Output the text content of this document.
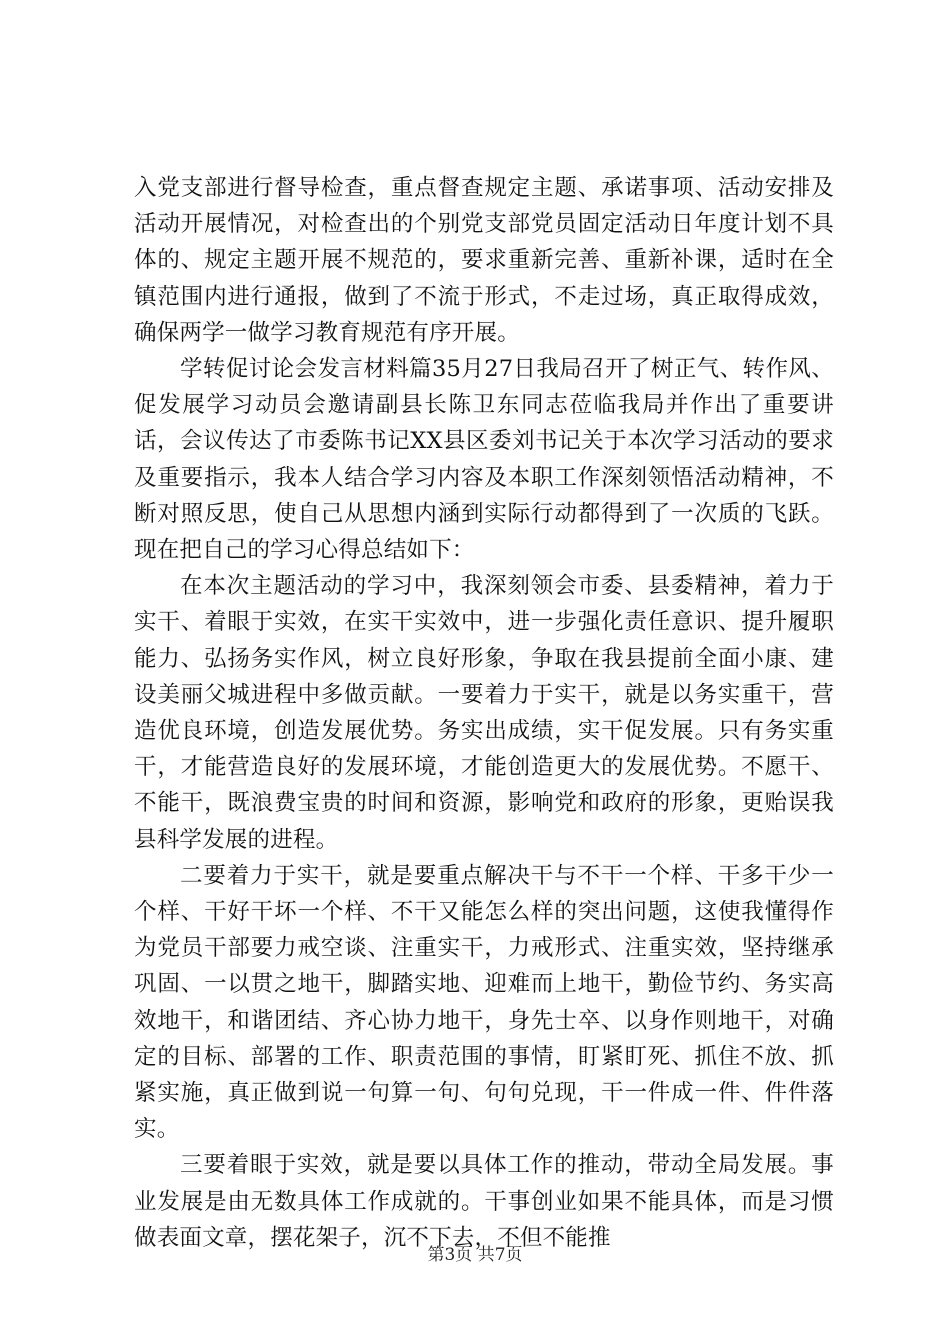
入党支部进行督导检查，重点督查规定主题、承诺事项、活动安排及活动开展情况，对检查出的个别党支部党员固定活动日年度计划不具体的、规定主题开展不规范的，要求重新完善、重新补课，适时在全镇范围内进行通报，做到了不流于形式，不走过场，真正取得成效，确保两学一做学习教育规范有序开展。

学转促讨论会发言材料篇35月27日我局召开了树正气、转作风、促发展学习动员会邀请副县长陈卫东同志莅临我局并作出了重要讲话，会议传达了市委陈书记XX县区委刘书记关于本次学习活动的要求及重要指示，我本人结合学习内容及本职工作深刻领悟活动精神，不断对照反思，使自己从思想内涵到实际行动都得到了一次质的飞跃。现在把自己的学习心得总结如下：

在本次主题活动的学习中，我深刻领会市委、县委精神，着力于实干、着眼于实效，在实干实效中，进一步强化责任意识、提升履职能力、弘扬务实作风，树立良好形象，争取在我县提前全面小康、建设美丽父城进程中多做贡献。一要着力于实干，就是以务实重干，营造优良环境，创造发展优势。务实出成绩，实干促发展。只有务实重干，才能营造良好的发展环境，才能创造更大的发展优势。不愿干、不能干，既浪费宝贵的时间和资源，影响党和政府的形象，更贻误我县科学发展的进程。

二要着力于实干，就是要重点解决干与不干一个样、干多干少一个样、干好干坏一个样、不干又能怎么样的突出问题，这使我懂得作为党员干部要力戒空谈、注重实干，力戒形式、注重实效，坚持继承巩固、一以贯之地干，脚踏实地、迎难而上地干，勤俭节约、务实高效地干，和谐团结、齐心协力地干，身先士卒、以身作则地干，对确定的目标、部署的工作、职责范围的事情，盯紧盯死、抓住不放、抓紧实施，真正做到说一句算一句、句句兑现，干一件成一件、件件落实。

三要着眼于实效，就是要以具体工作的推动，带动全局发展。事业发展是由无数具体工作成就的。干事创业如果不能具体，而是习惯做表面文章，摆花架子，沉不下去，不但不能推

第3页 共7页
